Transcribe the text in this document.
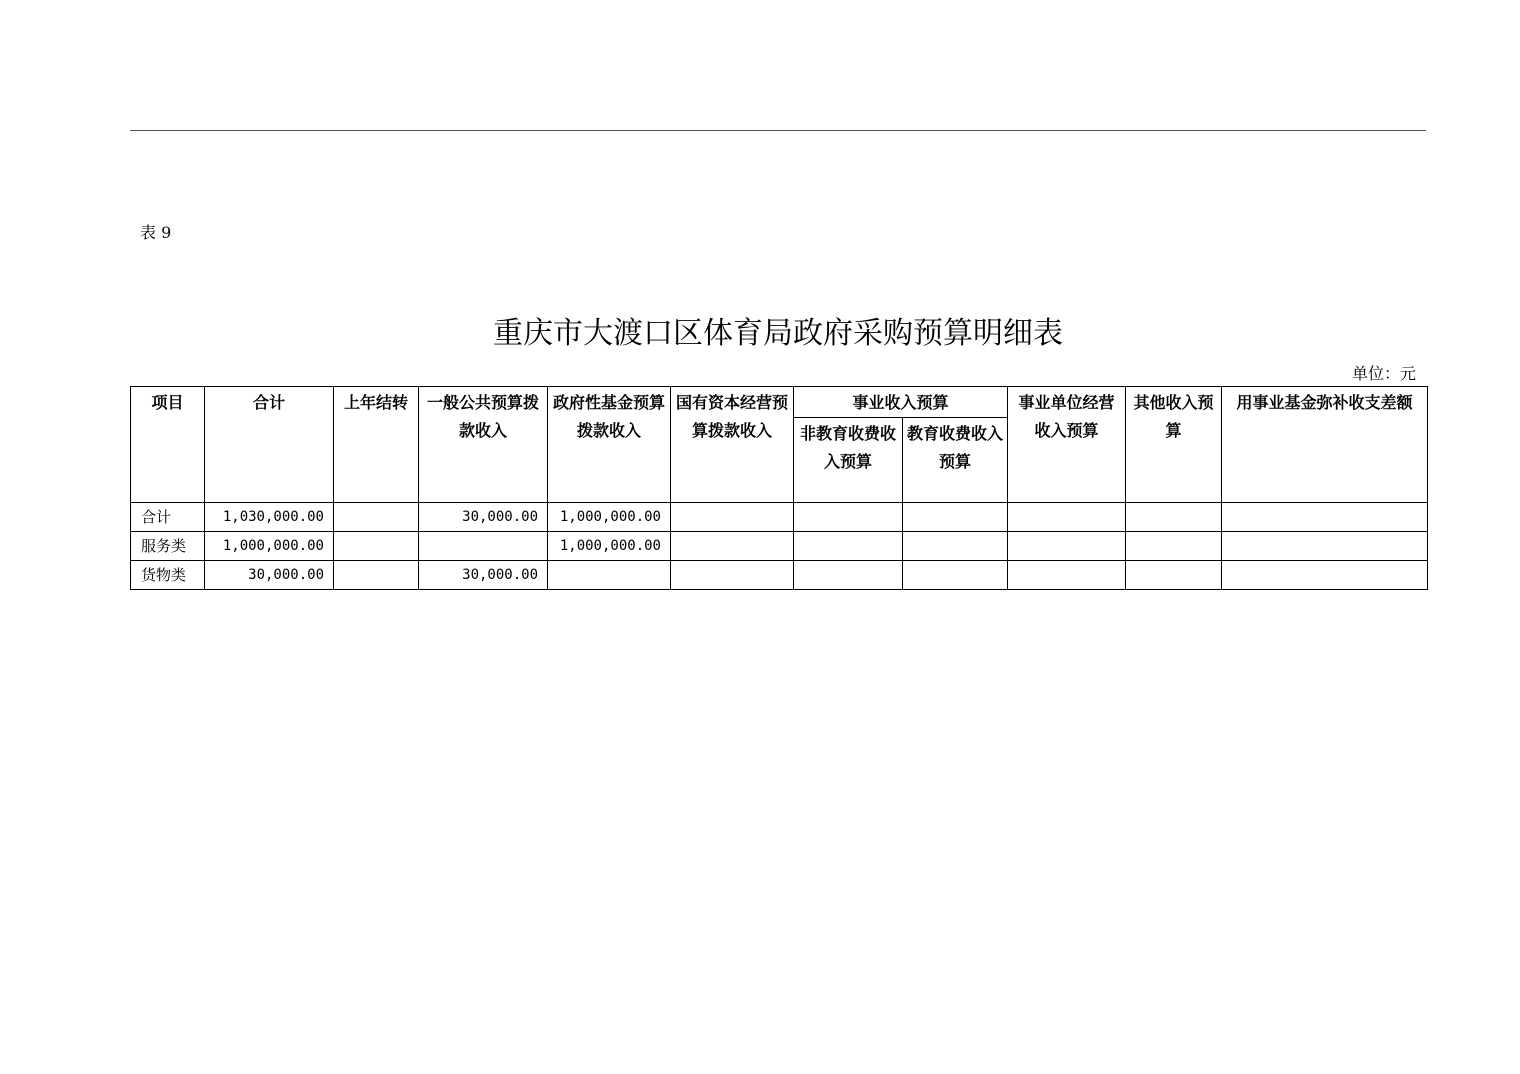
表 9
重庆市大渡口区体育局政府采购预算明细表
单位：元
项目	合计	上年结转	一般公共预算拨款收入	政府性基金预算拨款收入	国有资本经营预算拨款收入	事业收入预算		事业单位经营收入预算	其他收入预算	用事业基金弥补收支差额
						非教育收费收入预算	教育收费收入预算			
合计	1,030,000.00		30,000.00	1,000,000.00						
服务类	1,000,000.00			1,000,000.00						
货物类	30,000.00		30,000.00							
